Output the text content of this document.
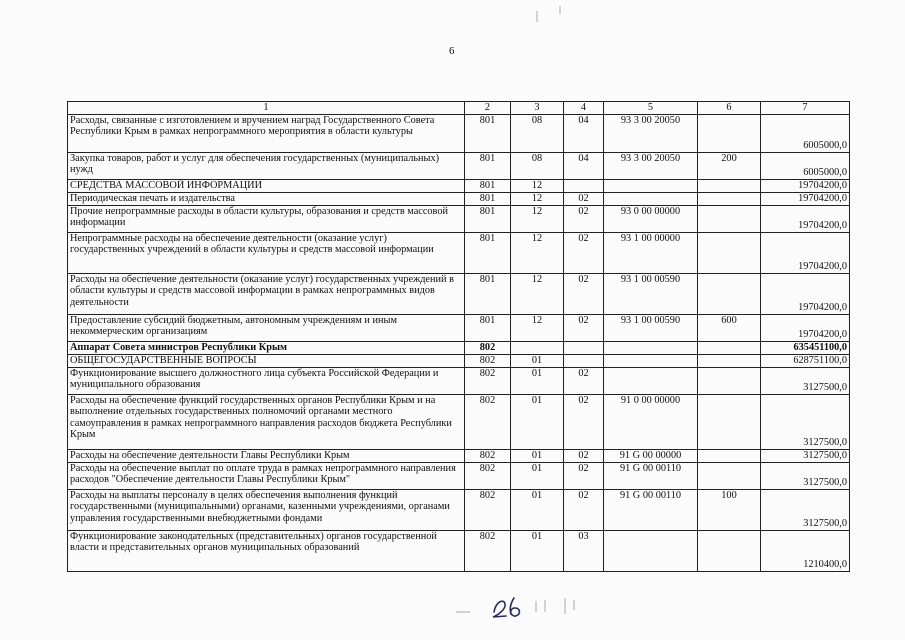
6
1	2	3	4	5	6	7
Расходы, связанные с изготовлением и вручением наград Государственного Совета Республики Крым в рамках непрограммного мероприятия в области культуры	801	08	04	93 3 00 20050		6005000,0
Закупка товаров, работ и услуг для обеспечения государственных (муниципальных) нужд	801	08	04	93 3 00 20050	200	6005000,0
СРЕДСТВА МАССОВОЙ ИНФОРМАЦИИ	801	12				19704200,0
Периодическая печать и издательства	801	12	02			19704200,0
Прочие непрограммные расходы в области культуры, образования и средств массовой информации	801	12	02	93 0 00 00000		19704200,0
Непрограммные расходы на обеспечение деятельности (оказание услуг) государственных учреждений в области культуры и средств массовой информации	801	12	02	93 1 00 00000		19704200,0
Расходы на обеспечение деятельности (оказание услуг) государственных учреждений в области культуры и средств массовой информации в рамках непрограммных видов деятельности	801	12	02	93 1 00 00590		19704200,0
Предоставление субсидий бюджетным, автономным учреждениям и иным некоммерческим организациям	801	12	02	93 1 00 00590	600	19704200,0
Аппарат Совета министров Республики Крым	802					635451100,0
ОБЩЕГОСУДАРСТВЕННЫЕ ВОПРОСЫ	802	01				628751100,0
Функционирование высшего должностного лица субъекта Российской Федерации и муниципального образования	802	01	02			3127500,0
Расходы на обеспечение функций государственных органов Республики Крым и на выполнение отдельных государственных полномочий органами местного самоуправления в рамках непрограммного направления расходов бюджета Республики Крым	802	01	02	91 0 00 00000		3127500,0
Расходы на обеспечение деятельности Главы Республики Крым	802	01	02	91 G 00 00000		3127500,0
Расходы на обеспечение выплат по оплате труда в рамках непрограммного направления расходов "Обеспечение деятельности Главы Республики Крым"	802	01	02	91 G 00 00110		3127500,0
Расходы на выплаты персоналу в целях обеспечения выполнения функций государственными (муниципальными) органами, казенными учреждениями, органами управления государственными внебюджетными фондами	802	01	02	91 G 00 00110	100	3127500,0
Функционирование законодательных (представительных) органов государственной власти и представительных органов муниципальных образований	802	01	03			1210400,0
